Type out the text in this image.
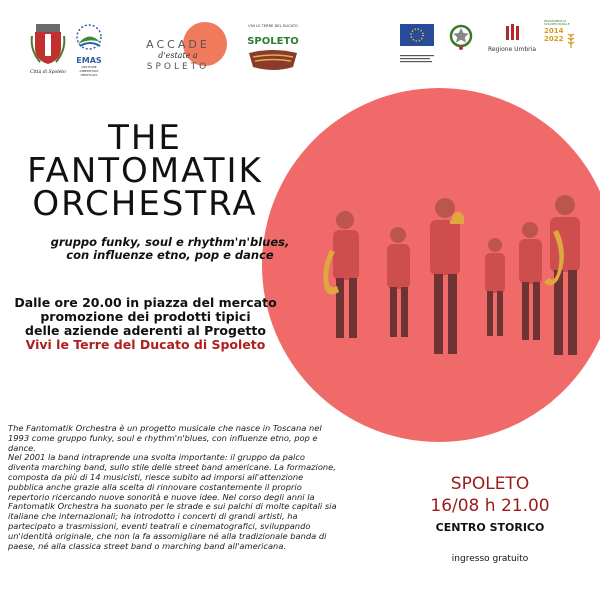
Città di Spoleto
EMAS
GESTIONE AMBIENTALE VERIFICATA
ACCADE
d'estate a
SPOLETO
VIVI LE TERRE DEL DUCATO
SPOLETO

Regione Umbria
PROGRAMMA DI SVILUPPO RURALE
2014
2022
THE
FANTOMATIK
ORCHESTRA
gruppo funky, soul e rhythm'n'blues,
con influenze etno, pop e dance
Dalle ore 20.00 in piazza del mercato
promozione dei prodotti tipici
delle aziende aderenti al Progetto
Vivi le Terre del Ducato di Spoleto
The Fantomatik Orchestra è un progetto musicale che nasce in Toscana nel 1993 come gruppo funky, soul e rhythm'n'blues, con influenze etno, pop e dance.
Nel 2001 la band intraprende una svolta importante: il gruppo da palco diventa marching band, sullo stile delle street band americane. La formazione, composta da più di 14 musicisti, riesce subito ad imporsi all'attenzione pubblica anche grazie alla scelta di rinnovare costantemente il proprio repertorio ricercando nuove sonorità e nuove idee. Nel corso degli anni la Fantomatik Orchestra ha suonato per le strade e sui palchi di molte capitali sia italiane che internazionali; ha introdotto i concerti di grandi artisti, ha partecipato a trasmissioni, eventi teatrali e cinematografici, sviluppando un'identità originale, che non la fa assomigliare né alla tradizionale banda di paese, né alla classica street band o marching band all'americana.
SPOLETO
16/08 h 21.00
CENTRO STORICO
ingresso gratuito
